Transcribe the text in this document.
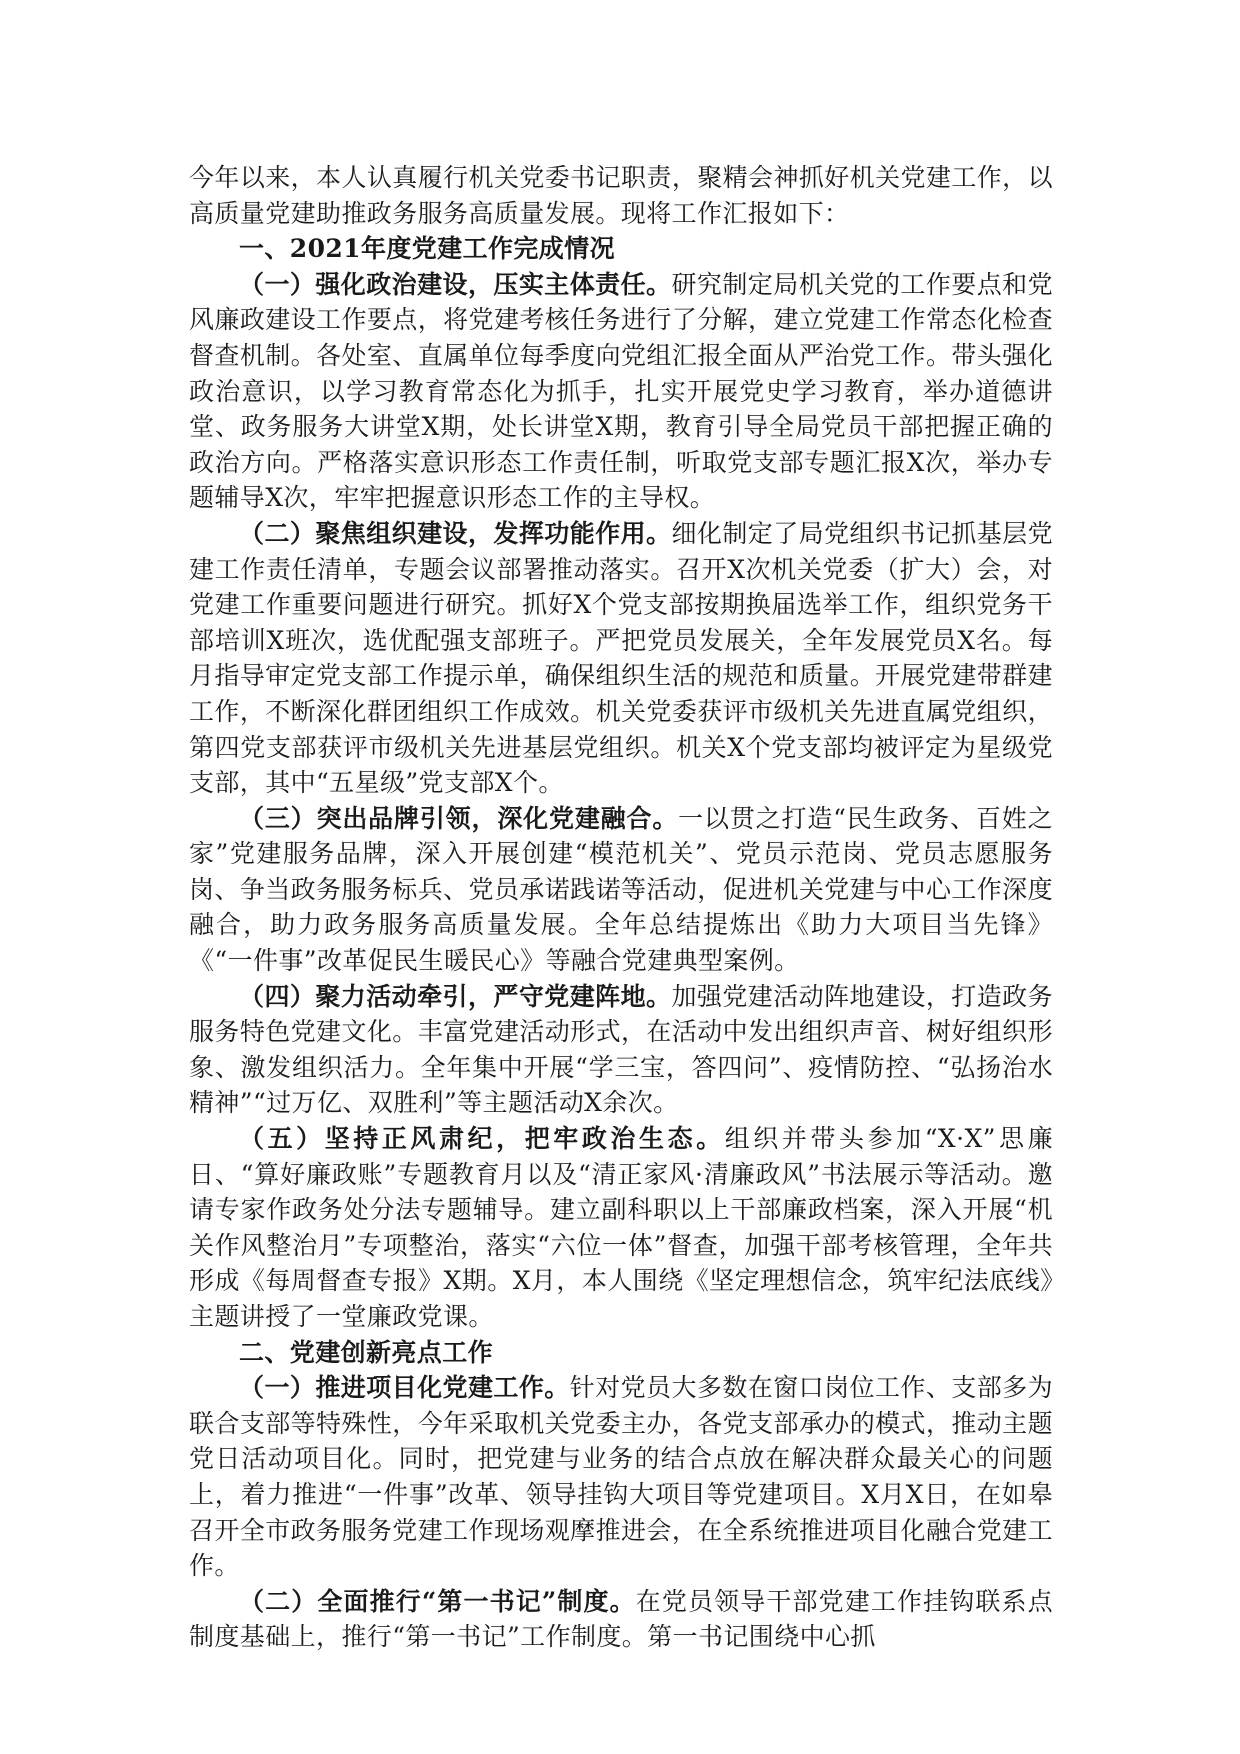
今年以来，本人认真履行机关党委书记职责，聚精会神抓好机关党建工作，以高质量党建助推政务服务高质量发展。现将工作汇报如下：

一、2021年度党建工作完成情况

（一）强化政治建设，压实主体责任。研究制定局机关党的工作要点和党风廉政建设工作要点，将党建考核任务进行了分解，建立党建工作常态化检查督查机制。各处室、直属单位每季度向党组汇报全面从严治党工作。带头强化政治意识，以学习教育常态化为抓手，扎实开展党史学习教育，举办道德讲堂、政务服务大讲堂X期，处长讲堂X期，教育引导全局党员干部把握正确的政治方向。严格落实意识形态工作责任制，听取党支部专题汇报X次，举办专题辅导X次，牢牢把握意识形态工作的主导权。

（二）聚焦组织建设，发挥功能作用。细化制定了局党组织书记抓基层党建工作责任清单，专题会议部署推动落实。召开X次机关党委（扩大）会，对党建工作重要问题进行研究。抓好X个党支部按期换届选举工作，组织党务干部培训X班次，选优配强支部班子。严把党员发展关，全年发展党员X名。每月指导审定党支部工作提示单，确保组织生活的规范和质量。开展党建带群建工作，不断深化群团组织工作成效。机关党委获评市级机关先进直属党组织，第四党支部获评市级机关先进基层党组织。机关X个党支部均被评定为星级党支部，其中“五星级”党支部X个。

（三）突出品牌引领，深化党建融合。一以贯之打造“民生政务、百姓之家”党建服务品牌，深入开展创建“模范机关”、党员示范岗、党员志愿服务岗、争当政务服务标兵、党员承诺践诺等活动，促进机关党建与中心工作深度融合，助力政务服务高质量发展。全年总结提炼出《助力大项目当先锋》《“一件事”改革促民生暖民心》等融合党建典型案例。

（四）聚力活动牵引，严守党建阵地。加强党建活动阵地建设，打造政务服务特色党建文化。丰富党建活动形式，在活动中发出组织声音、树好组织形象、激发组织活力。全年集中开展“学三宝，答四问”、疫情防控、“弘扬治水精神”“过万亿、双胜利”等主题活动X余次。

（五）坚持正风肃纪，把牢政治生态。组织并带头参加“X·X”思廉日、“算好廉政账”专题教育月以及“清正家风·清廉政风”书法展示等活动。邀请专家作政务处分法专题辅导。建立副科职以上干部廉政档案，深入开展“机关作风整治月”专项整治，落实“六位一体”督查，加强干部考核管理，全年共形成《每周督查专报》X期。X月，本人围绕《坚定理想信念，筑牢纪法底线》主题讲授了一堂廉政党课。

二、党建创新亮点工作

（一）推进项目化党建工作。针对党员大多数在窗口岗位工作、支部多为联合支部等特殊性，今年采取机关党委主办，各党支部承办的模式，推动主题党日活动项目化。同时，把党建与业务的结合点放在解决群众最关心的问题上，着力推进“一件事”改革、领导挂钩大项目等党建项目。X月X日，在如皋召开全市政务服务党建工作现场观摩推进会，在全系统推进项目化融合党建工作。

（二）全面推行“第一书记”制度。在党员领导干部党建工作挂钩联系点制度基础上，推行“第一书记”工作制度。第一书记围绕中心抓
